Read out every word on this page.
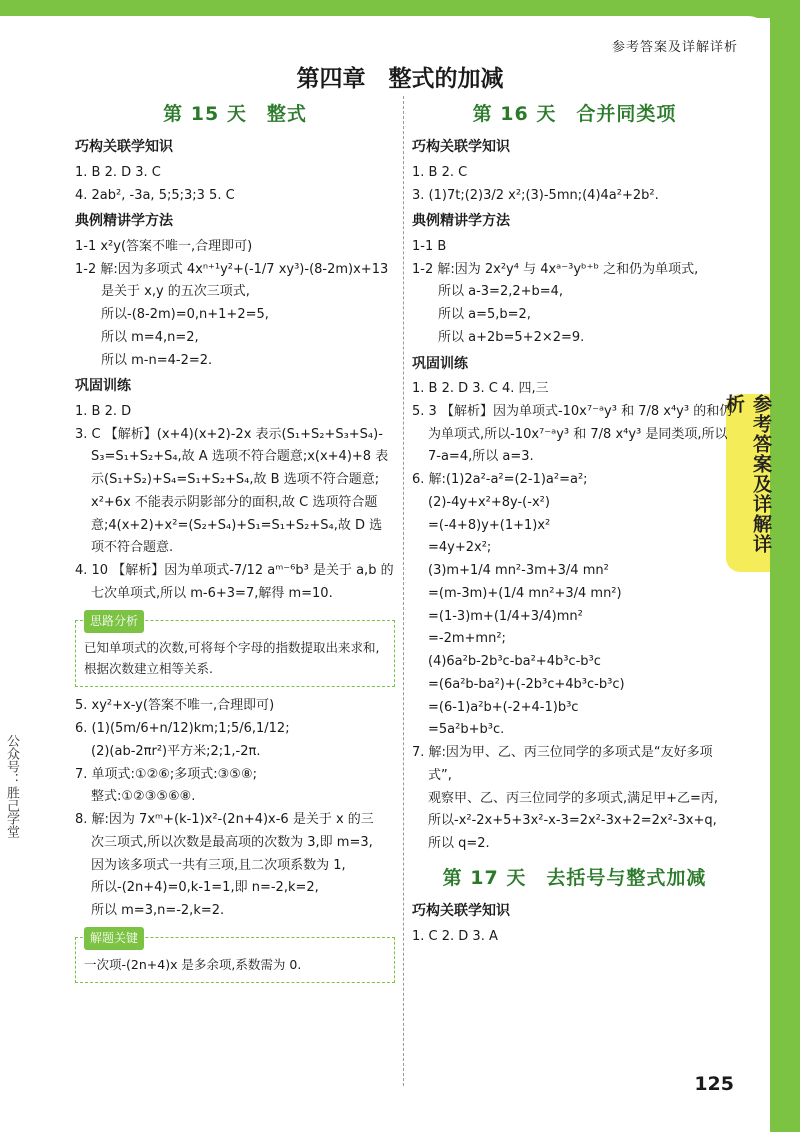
参考答案及详解详析
参考答案及详解详析
公众号：胜己学堂
第四章　整式的加减
第 15 天　整式
巧构关联学知识

1. B 2. D 3. C

4. 2ab², -3a, 5;5;3;3 5. C

典例精讲学方法

1-1 x²y(答案不唯一,合理即可)

1-2 解:因为多项式 4xⁿ⁺¹y²+(-1/7 xy³)-(8-2m)x+13

是关于 x,y 的五次三项式,

所以-(8-2m)=0,n+1+2=5,

所以 m=4,n=2,

所以 m-n=4-2=2.

巩固训练

1. B 2. D

3. C 【解析】(x+4)(x+2)-2x 表示(S₁+S₂+S₃+S₄)-

S₃=S₁+S₂+S₄,故 A 选项不符合题意;x(x+4)+8 表

示(S₁+S₂)+S₄=S₁+S₂+S₄,故 B 选项不符合题意;

x²+6x 不能表示阴影部分的面积,故 C 选项符合题

意;4(x+2)+x²=(S₂+S₄)+S₁=S₁+S₂+S₄,故 D 选

项不符合题意.

4. 10 【解析】因为单项式-7/12 aᵐ⁻⁶b³ 是关于 a,b 的

七次单项式,所以 m-6+3=7,解得 m=10.

思路分析
已知单项式的次数,可将每个字母的指数提取出来求和,根据次数建立相等关系.

5. xy²+x-y(答案不唯一,合理即可)

6. (1)(5m/6+n/12)km;1;5/6,1/12;

(2)(ab-2πr²)平方米;2;1,-2π.

7. 单项式:①②⑥;多项式:③⑤⑧;

整式:①②③⑤⑥⑧.

8. 解:因为 7xᵐ+(k-1)x²-(2n+4)x-6 是关于 x 的三

次三项式,所以次数是最高项的次数为 3,即 m=3,

因为该多项式一共有三项,且二次项系数为 1,

所以-(2n+4)=0,k-1=1,即 n=-2,k=2,

所以 m=3,n=-2,k=2.

解题关键
一次项-(2n+4)x 是多余项,系数需为 0.
第 16 天　合并同类项
巧构关联学知识

1. B 2. C

3. (1)7t;(2)3/2 x²;(3)-5mn;(4)4a²+2b².

典例精讲学方法

1-1 B

1-2 解:因为 2x²y⁴ 与 4xᵃ⁻³yᵇ⁺ᵇ 之和仍为单项式,

所以 a-3=2,2+b=4,

所以 a=5,b=2,

所以 a+2b=5+2×2=9.

巩固训练

1. B 2. D 3. C 4. 四,三

5. 3 【解析】因为单项式-10x⁷⁻ᵃy³ 和 7/8 x⁴y³ 的和仍

为单项式,所以-10x⁷⁻ᵃy³ 和 7/8 x⁴y³ 是同类项,所以

7-a=4,所以 a=3.

6. 解:(1)2a²-a²=(2-1)a²=a²;

(2)-4y+x²+8y-(-x²)

=(-4+8)y+(1+1)x²

=4y+2x²;

(3)m+1/4 mn²-3m+3/4 mn²

=(m-3m)+(1/4 mn²+3/4 mn²)

=(1-3)m+(1/4+3/4)mn²

=-2m+mn²;

(4)6a²b-2b³c-ba²+4b³c-b³c

=(6a²b-ba²)+(-2b³c+4b³c-b³c)

=(6-1)a²b+(-2+4-1)b³c

=5a²b+b³c.

7. 解:因为甲、乙、丙三位同学的多项式是“友好多项

式”,

观察甲、乙、丙三位同学的多项式,满足甲+乙=丙,

所以-x²-2x+5+3x²-x-3=2x²-3x+2=2x²-3x+q,

所以 q=2.

第 17 天　去括号与整式加减
巧构关联学知识

1. C 2. D 3. A

125
